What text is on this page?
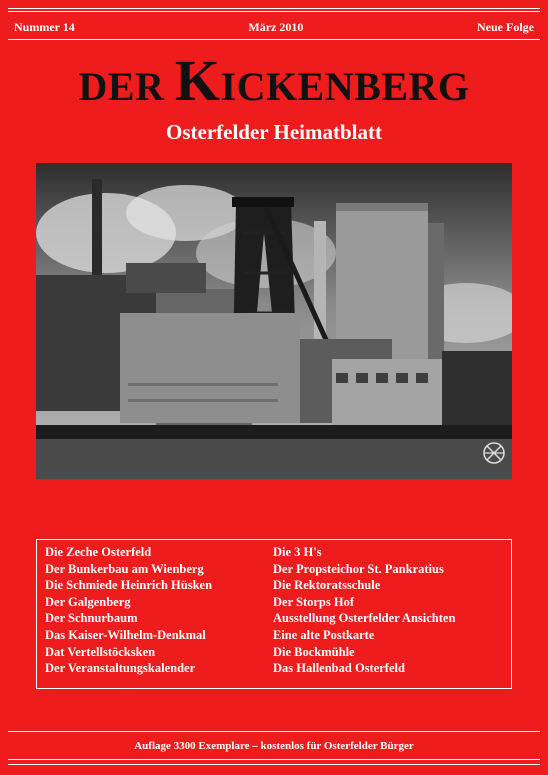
Nummer 14	März 2010	Neue Folge
DER KICKENBERG
Osterfelder Heimatblatt
Die Zeche Osterfeld
Der Bunkerbau am Wienberg
Die Schmiede Heinrich Hüsken
Der Galgenberg
Der Schnurbaum
Das Kaiser-Wilhelm-Denkmal
Dat Vertellstöcksken
Der Veranstaltungskalender
Die 3 H's
Der Propsteichor St. Pankratius
Die Rektoratsschule
Der Storps Hof
Ausstellung Osterfelder Ansichten
Eine alte Postkarte
Die Bockmühle
Das Hallenbad Osterfeld
Auflage 3300 Exemplare – kostenlos für Osterfelder Bürger
